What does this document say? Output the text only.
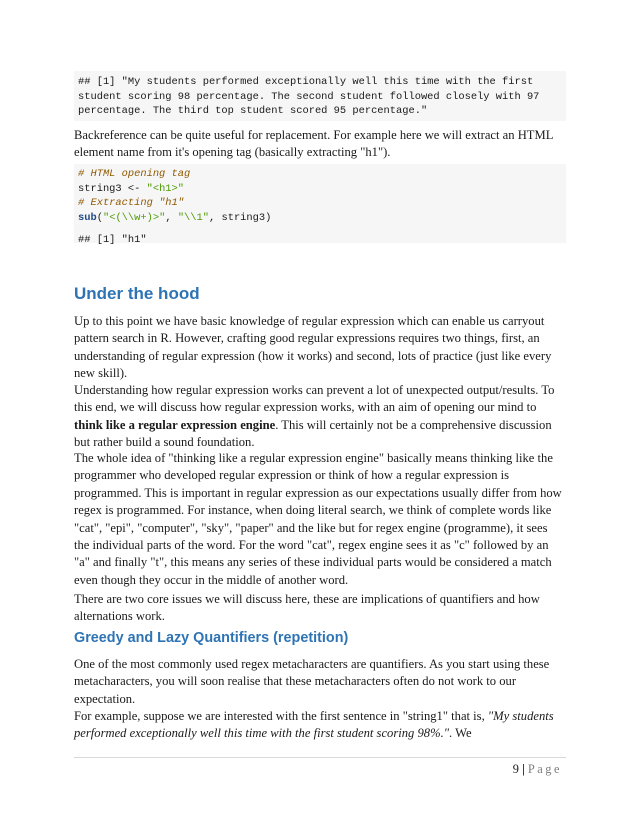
## [1] "My students performed exceptionally well this time with the first
student scoring 98 percentage. The second student followed closely with 97
percentage. The third top student scored 95 percentage."

Backreference can be quite useful for replacement. For example here we will extract an HTML element name from it's opening tag (basically extracting "h1").

# HTML opening tag
string3 <- "<h1>"
# Extracting "h1"
sub("<(\\w+)>", "\\1", string3)
## [1] "h1"
Under the hood

Up to this point we have basic knowledge of regular expression which can enable us carryout pattern search in R. However, crafting good regular expressions requires two things, first, an understanding of regular expression (how it works) and second, lots of practice (just like every new skill).

Understanding how regular expression works can prevent a lot of unexpected output/results. To this end, we will discuss how regular expression works, with an aim of opening our mind to think like a regular expression engine. This will certainly not be a comprehensive discussion but rather build a sound foundation.

The whole idea of "thinking like a regular expression engine" basically means thinking like the programmer who developed regular expression or think of how a regular expression is programmed. This is important in regular expression as our expectations usually differ from how regex is programmed. For instance, when doing literal search, we think of complete words like "cat", "epi", "computer", "sky", "paper" and the like but for regex engine (programme), it sees the individual parts of the word. For the word "cat", regex engine sees it as "c" followed by an "a" and finally "t", this means any series of these individual parts would be considered a match even though they occur in the middle of another word.

There are two core issues we will discuss here, these are implications of quantifiers and how alternations work.

Greedy and Lazy Quantifiers (repetition)

One of the most commonly used regex metacharacters are quantifiers. As you start using these metacharacters, you will soon realise that these metacharacters often do not work to our expectation.

For example, suppose we are interested with the first sentence in "string1" that is, "My students performed exceptionally well this time with the first student scoring 98%.". We

9 | Page
